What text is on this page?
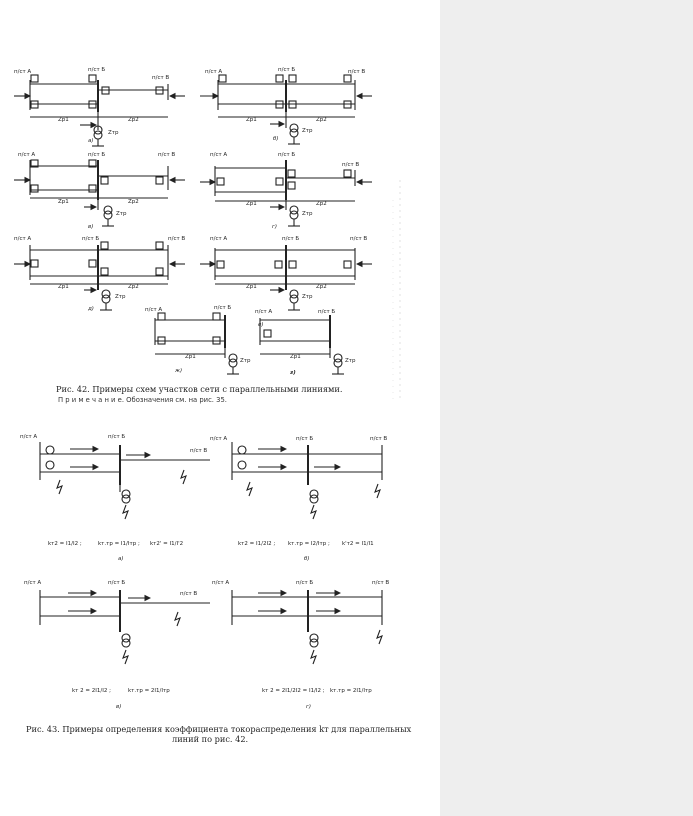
п/ст А	п/ст Б
п/ст В
Zр1	Zр2
Zтр
а)
п/ст А	п/ст Б	п/ст В
Zр1	Zр2
Zтр
б)
п/ст А	п/ст Б	п/ст В
Zр1	Zр2
Zтр
в)
п/ст А	п/ст Б
п/ст В
Zр1	Zр2
Zтр
г)
п/ст А	п/ст Б	п/ст В
Zр1	Zр2
Zтр
д)
п/ст А	п/ст Б	п/ст В
Zр1	Zр2
Zтр
е)
п/ст А	п/ст Б
Zр1
Zтр
ж)
п/ст А	п/ст Б
Zр1
Zтр
з)
п/ст А	п/ст Б
п/ст В
п/ст А	п/ст Б	п/ст В
п/ст А	п/ст Б
п/ст В
п/ст А	п/ст Б	п/ст В
kт2 = I1/I2 ;	kт.тр = I1/Iтр ; kт2' = I1/I'2
а)
kт2 = I1/2I2 ; kт.тр = I2/Iтр ; k'т2 = I1/I1
б)
kт 2 = 2I1/I2 ;	kт.тр = 2I1/Iтр
в)
kт 2 = 2I1/2I2 = I1/I2 ; kт.тр = 2I1/Iтр
г)
Рис. 42. Примеры схем участков сети с параллельными линиями.
П р и м е ч а н и е. Обозначения см. на рис. 35.
Рис. 43. Примеры определения коэффициента токораспределения kт для параллельных
линий по рис. 42.
